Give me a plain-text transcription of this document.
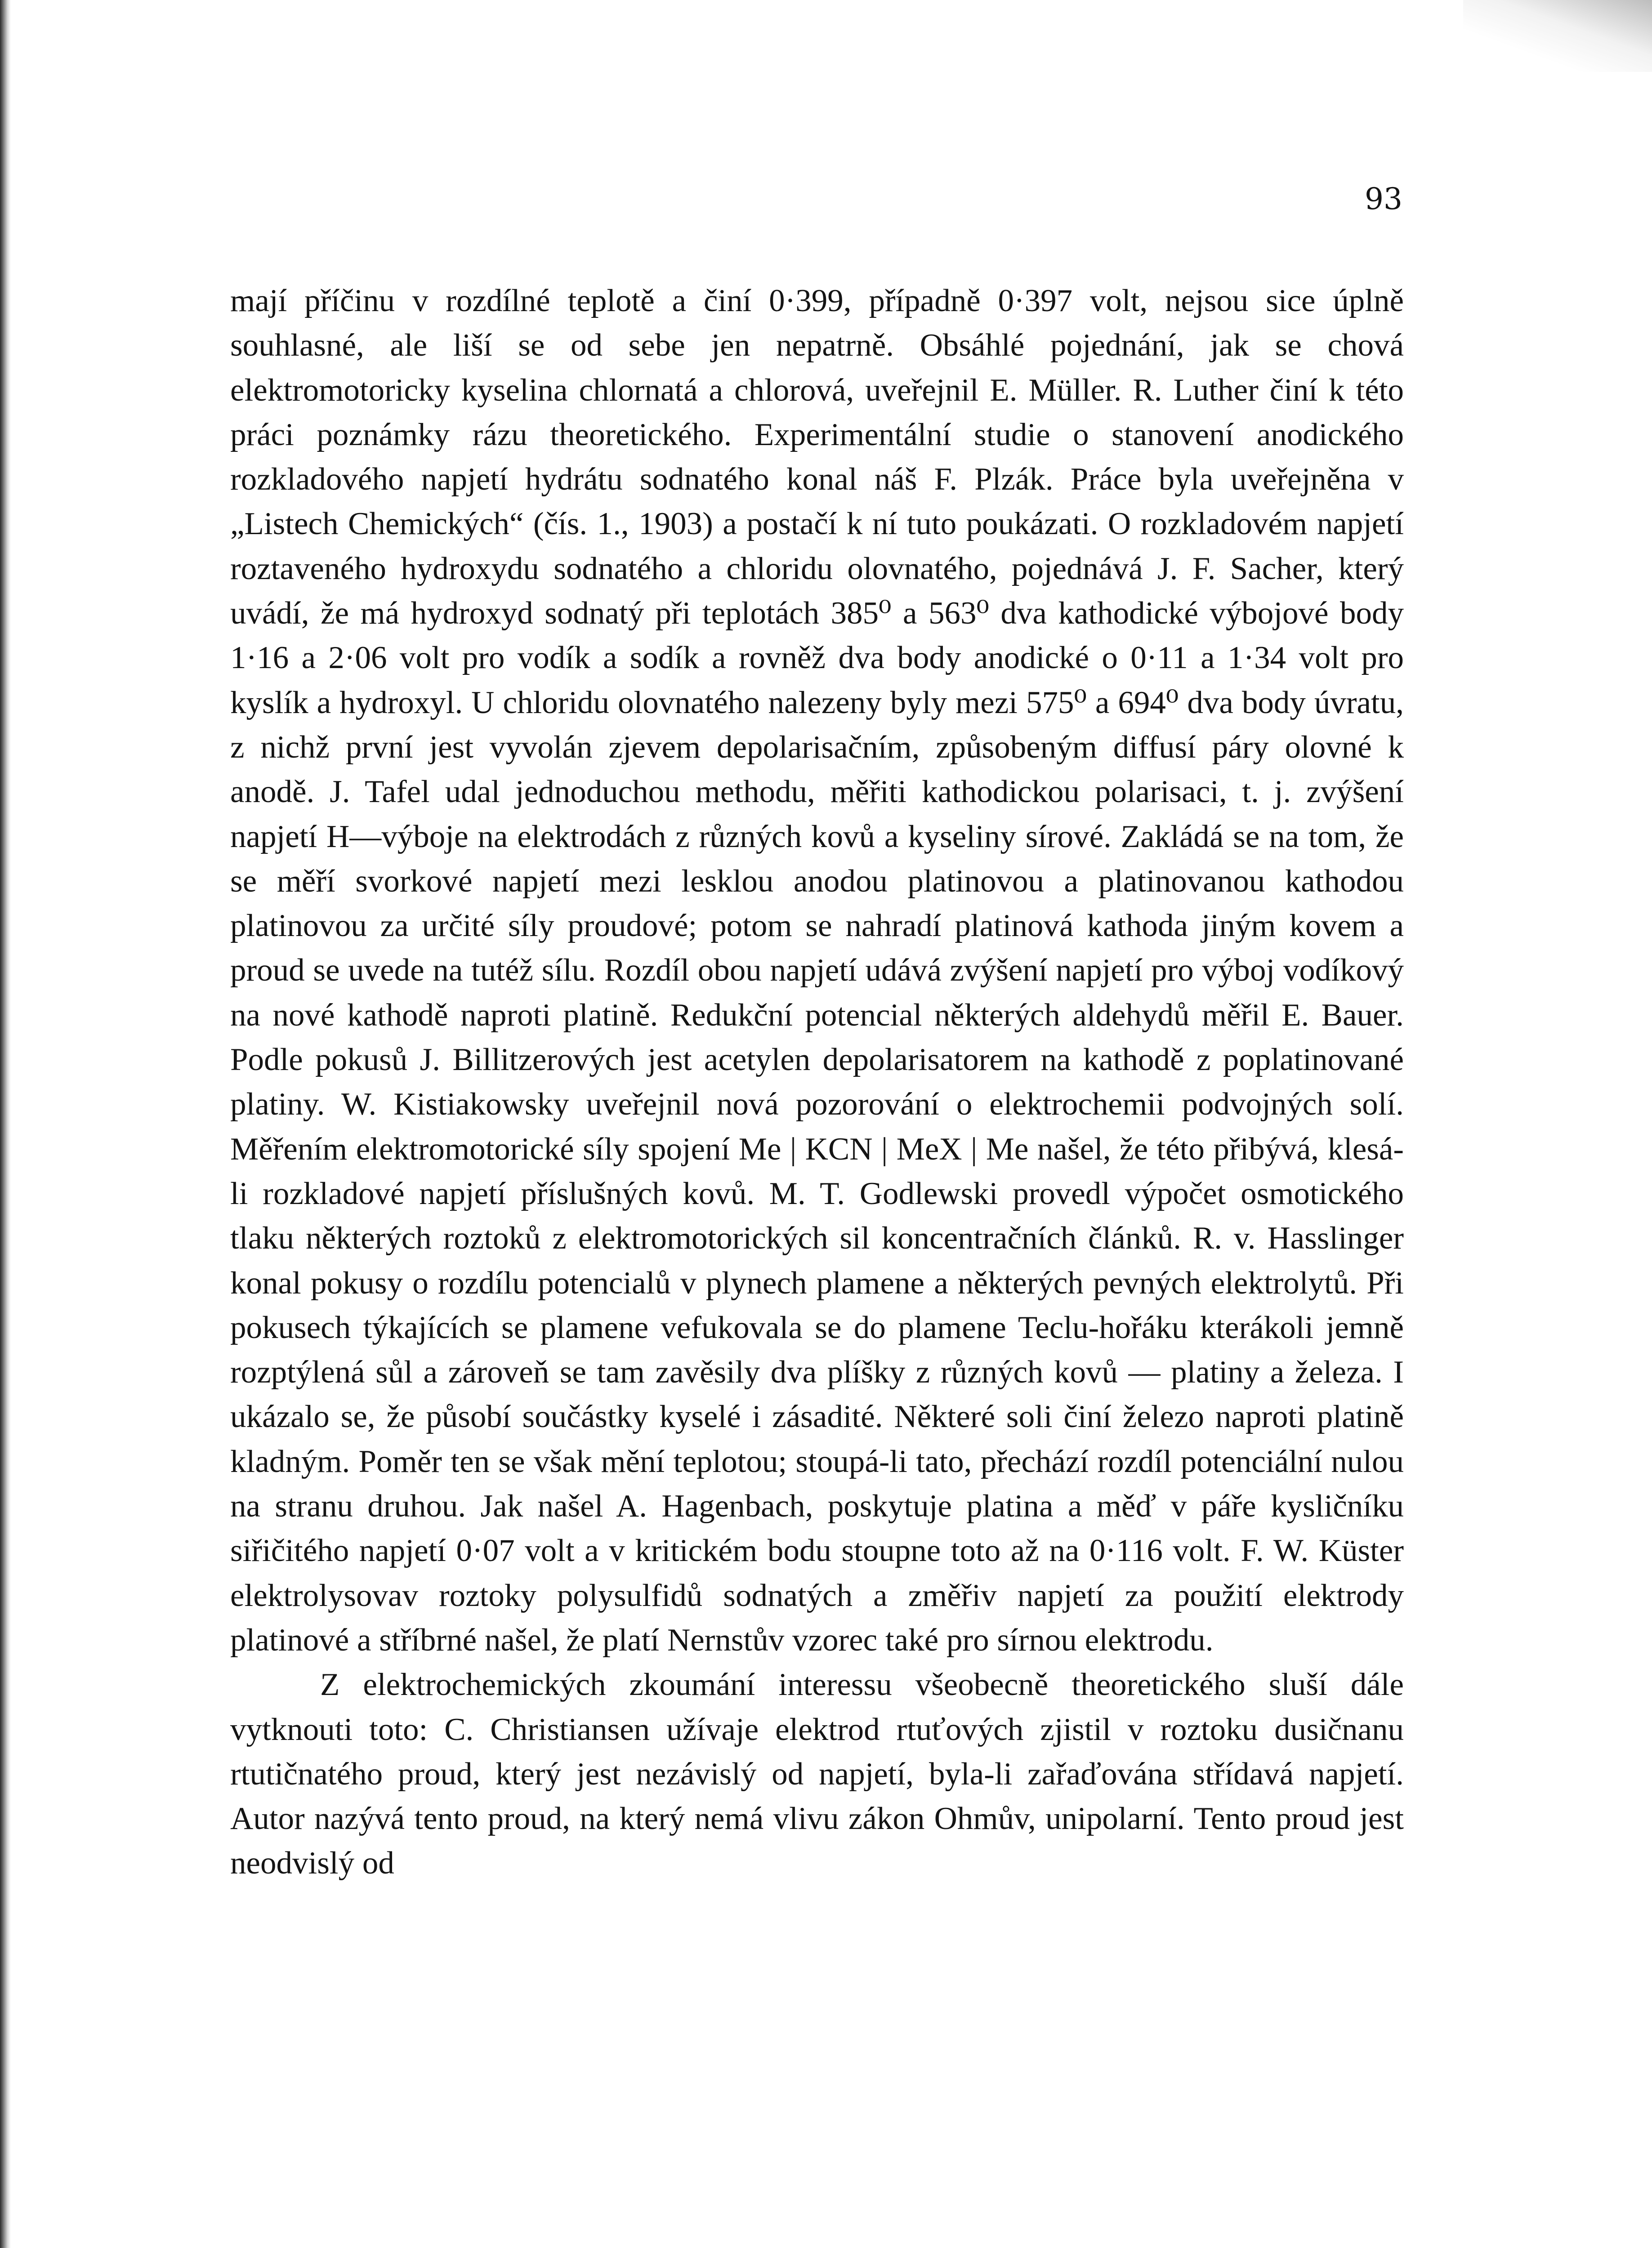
93

mají příčinu v rozdílné teplotě a činí 0·399, případně 0·397 volt, nejsou sice úplně souhlasné, ale liší se od sebe jen nepatrně. Obsáhlé pojednání, jak se chová elektromotoricky kyselina chlornatá a chlorová, uveřejnil E. Müller. R. Luther činí k této práci poznámky rázu theoretického. Experimentální studie o stanovení anodického rozkladového napjetí hydrátu sodnatého konal náš F. Plzák. Práce byla uveřejněna v „Listech Chemických“ (čís. 1., 1903) a postačí k ní tuto poukázati. O rozkladovém napjetí roztaveného hydroxydu sodnatého a chloridu olovnatého, pojednává J. F. Sacher, který uvádí, že má hydroxyd sodnatý při teplotách 385⁰ a 563⁰ dva kathodické výbojové body 1·16 a 2·06 volt pro vodík a sodík a rovněž dva body anodické o 0·11 a 1·34 volt pro kyslík a hydroxyl. U chloridu olovnatého nalezeny byly mezi 575⁰ a 694⁰ dva body úvratu, z nichž první jest vyvolán zjevem depolarisačním, způsobeným diffusí páry olovné k anodě. J. Tafel udal jednoduchou methodu, měřiti kathodickou polarisaci, t. j. zvýšení napjetí H—výboje na elektrodách z různých kovů a kyseliny sírové. Zakládá se na tom, že se měří svorkové napjetí mezi lesklou anodou platinovou a platinovanou kathodou platinovou za určité síly proudové; potom se nahradí platinová kathoda jiným kovem a proud se uvede na tutéž sílu. Rozdíl obou napjetí udává zvýšení napjetí pro výboj vodíkový na nové kathodě naproti platině. Redukční potencial některých aldehydů měřil E. Bauer. Podle pokusů J. Billitzerových jest acetylen depolarisatorem na kathodě z poplatinované platiny. W. Kistiakowsky uveřejnil nová pozorování o elektrochemii podvojných solí. Měřením elektromotorické síly spojení Me | KCN | MeX | Me našel, že této přibývá, klesá-li rozkladové napjetí příslušných kovů. M. T. Godlewski provedl výpočet osmotického tlaku některých roztoků z elektromotorických sil koncentračních článků. R. v. Hasslinger konal pokusy o rozdílu potencialů v plynech plamene a některých pevných elektrolytů. Při pokusech týkajících se plamene vefukovala se do plamene Teclu-hořáku kterákoli jemně rozptýlená sůl a zároveň se tam zavěsily dva plíšky z různých kovů — platiny a železa. I ukázalo se, že působí součástky kyselé i zásadité. Některé soli činí železo naproti platině kladným. Poměr ten se však mění teplotou; stoupá-li tato, přechází rozdíl potenciální nulou na stranu druhou. Jak našel A. Hagenbach, poskytuje platina a měď v páře kysličníku siřičitého napjetí 0·07 volt a v kritickém bodu stoupne toto až na 0·116 volt. F. W. Küster elektrolysovav roztoky polysulfidů sodnatých a změřiv napjetí za použití elektrody platinové a stříbrné našel, že platí Nernstův vzorec také pro sírnou elektrodu.

Z elektrochemických zkoumání interessu všeobecně theoretického sluší dále vytknouti toto: C. Christiansen užívaje elektrod rtuťových zjistil v roztoku dusičnanu rtutičnatého proud, který jest nezávislý od napjetí, byla-li zařaďována střídavá napjetí. Autor nazývá tento proud, na který nemá vlivu zákon Ohmův, unipolarní. Tento proud jest neodvislý od
